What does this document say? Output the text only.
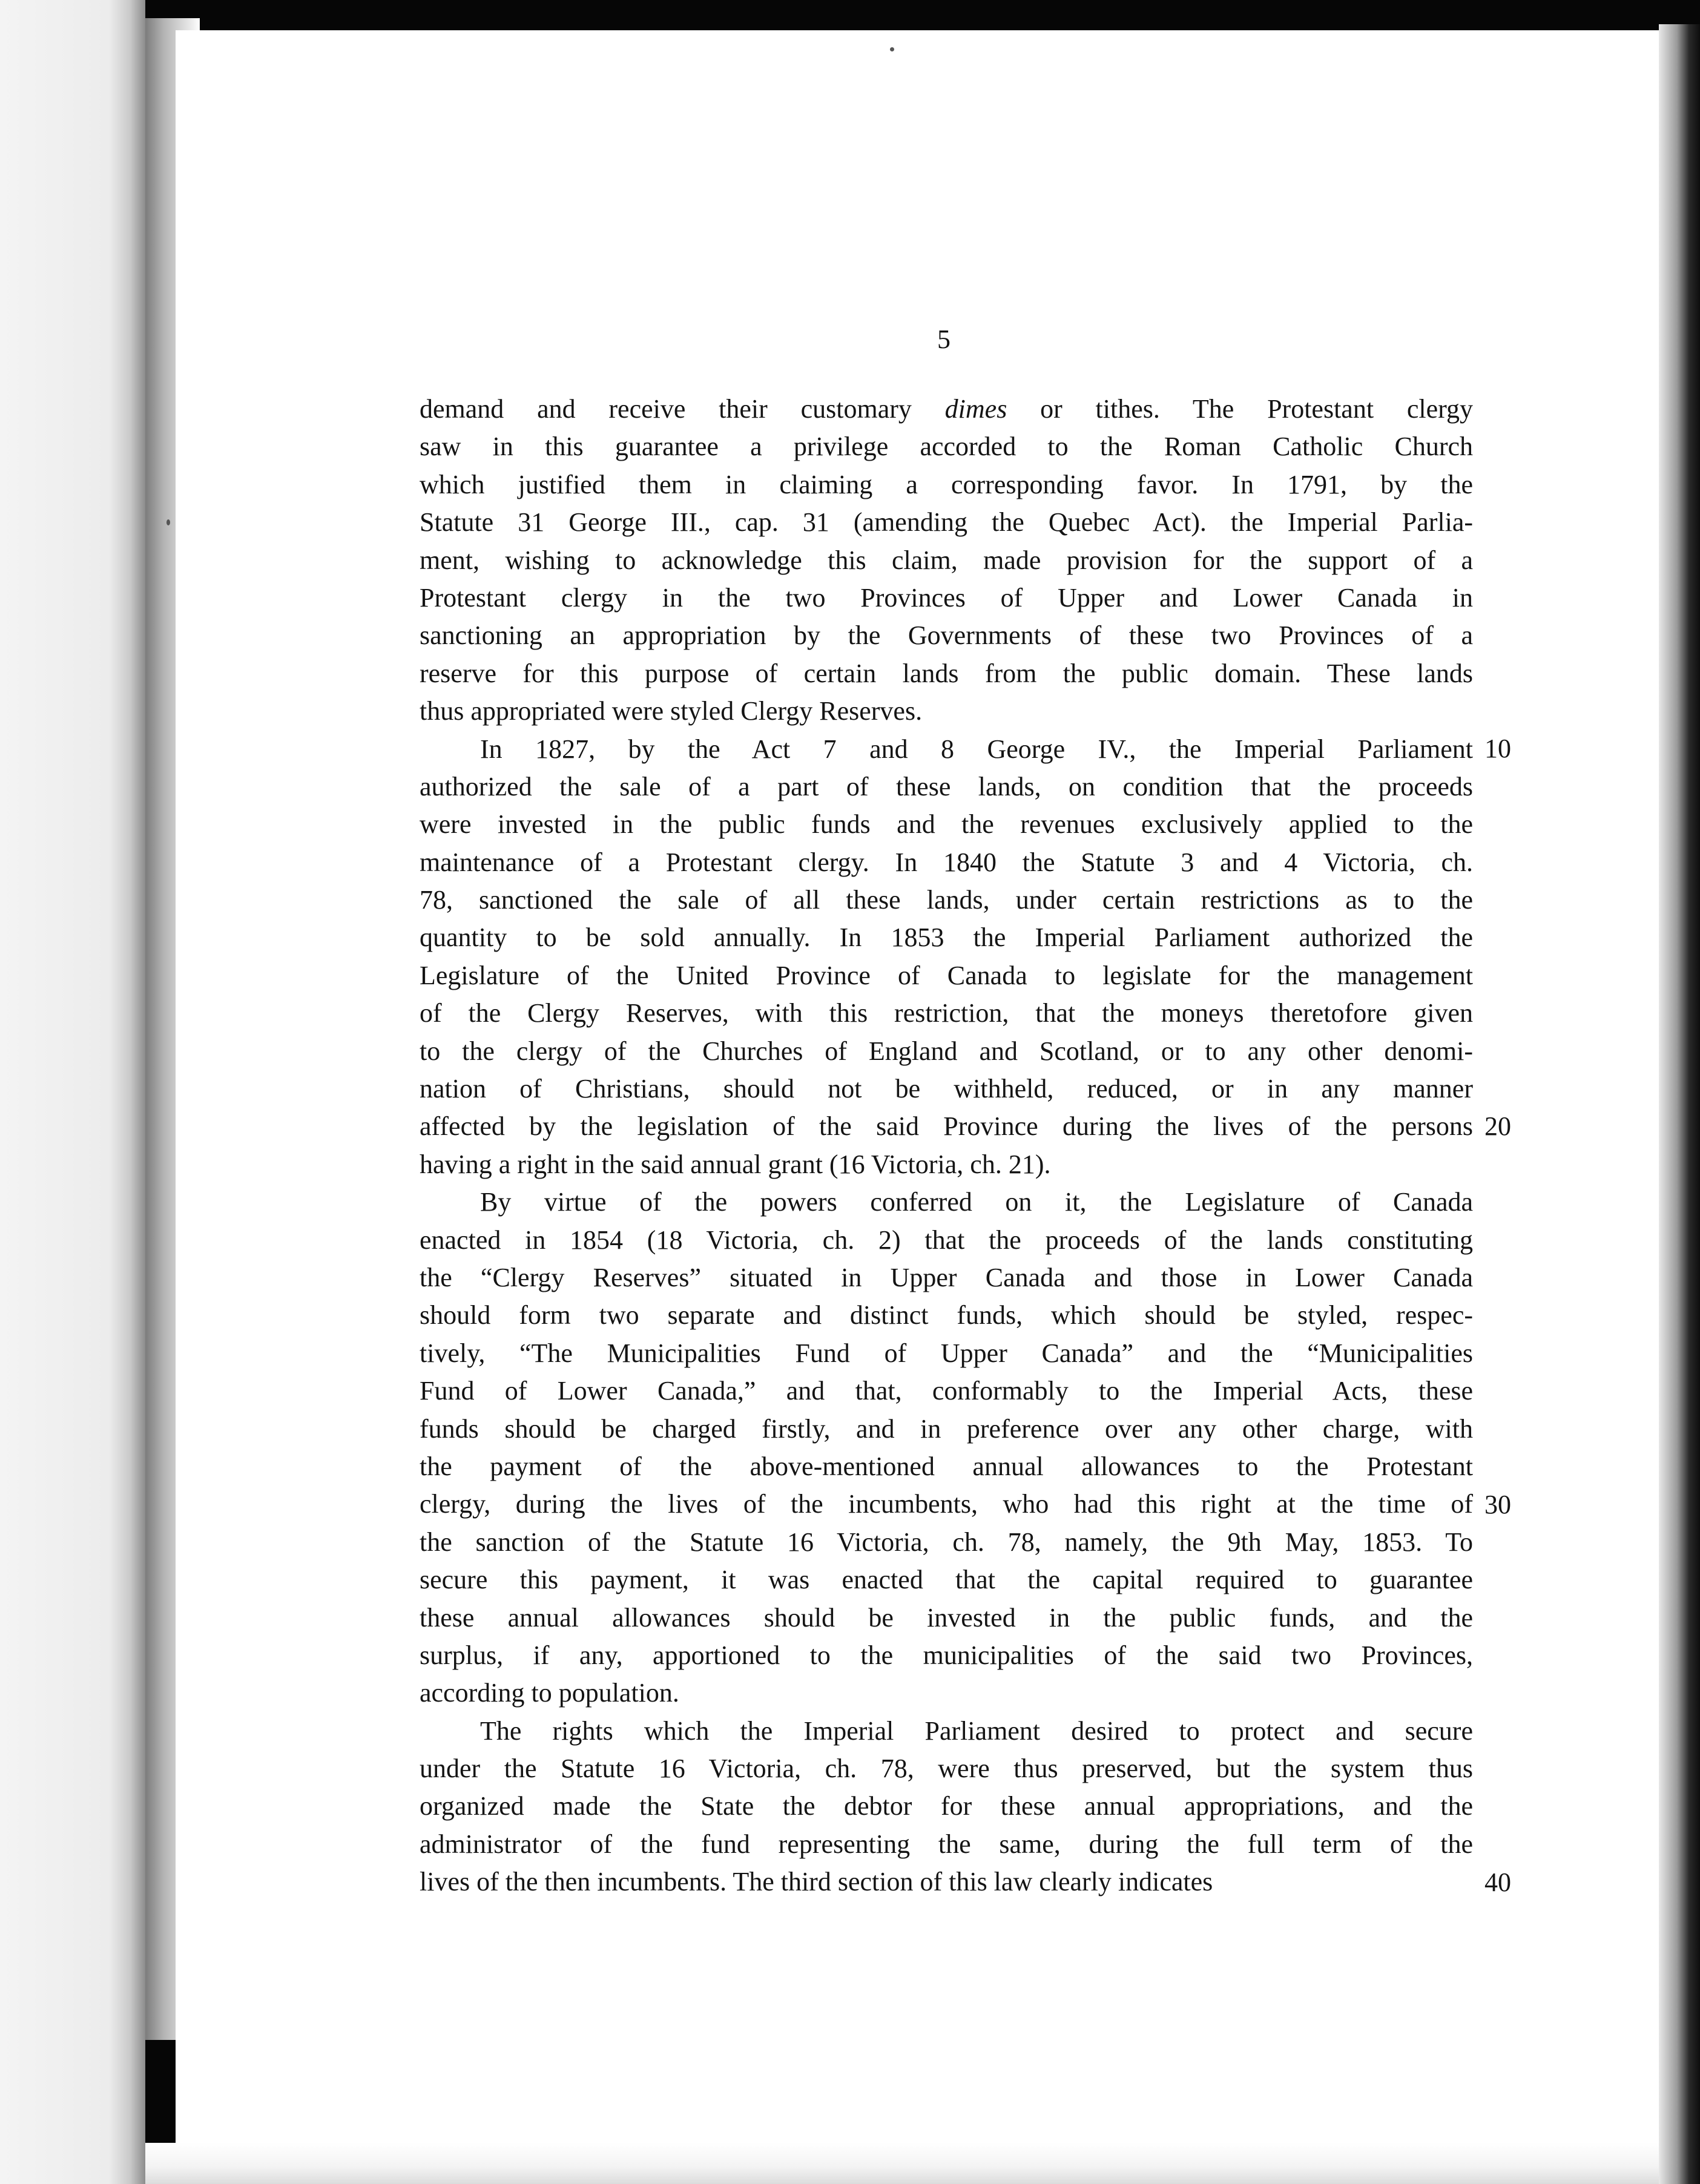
5
demand and receive their customary dimes or tithes. The Protestant clergy
saw in this guarantee a privilege accorded to the Roman Catholic Church
which justified them in claiming a corresponding favor. In 1791, by the
Statute 31 George III., cap. 31 (amending the Quebec Act). the Imperial Parlia-
ment, wishing to acknowledge this claim, made provision for the support of a
Protestant clergy in the two Provinces of Upper and Lower Canada in
sanctioning an appropriation by the Governments of these two Provinces of a
reserve for this purpose of certain lands from the public domain. These lands
thus appropriated were styled Clergy Reserves.
In 1827, by the Act 7 and 8 George IV., the Imperial Parliament
authorized the sale of a part of these lands, on condition that the proceeds
were invested in the public funds and the revenues exclusively applied to the
maintenance of a Protestant clergy. In 1840 the Statute 3 and 4 Victoria, ch.
78, sanctioned the sale of all these lands, under certain restrictions as to the
quantity to be sold annually. In 1853 the Imperial Parliament authorized the
Legislature of the United Province of Canada to legislate for the management
of the Clergy Reserves, with this restriction, that the moneys theretofore given
to the clergy of the Churches of England and Scotland, or to any other denomi-
nation of Christians, should not be withheld, reduced, or in any manner
affected by the legislation of the said Province during the lives of the persons
having a right in the said annual grant (16 Victoria, ch. 21).
By virtue of the powers conferred on it, the Legislature of Canada
enacted in 1854 (18 Victoria, ch. 2) that the proceeds of the lands constituting
the “Clergy Reserves” situated in Upper Canada and those in Lower Canada
should form two separate and distinct funds, which should be styled, respec-
tively, “The Municipalities Fund of Upper Canada” and the “Municipalities
Fund of Lower Canada,” and that, conformably to the Imperial Acts, these
funds should be charged firstly, and in preference over any other charge, with
the payment of the above-mentioned annual allowances to the Protestant
clergy, during the lives of the incumbents, who had this right at the time of
the sanction of the Statute 16 Victoria, ch. 78, namely, the 9th May, 1853. To
secure this payment, it was enacted that the capital required to guarantee
these annual allowances should be invested in the public funds, and the
surplus, if any, apportioned to the municipalities of the said two Provinces,
according to population.
The rights which the Imperial Parliament desired to protect and secure
under the Statute 16 Victoria, ch. 78, were thus preserved, but the system thus
organized made the State the debtor for these annual appropriations, and the
administrator of the fund representing the same, during the full term of the
lives of the then incumbents. The third section of this law clearly indicates
10
20
30
40
